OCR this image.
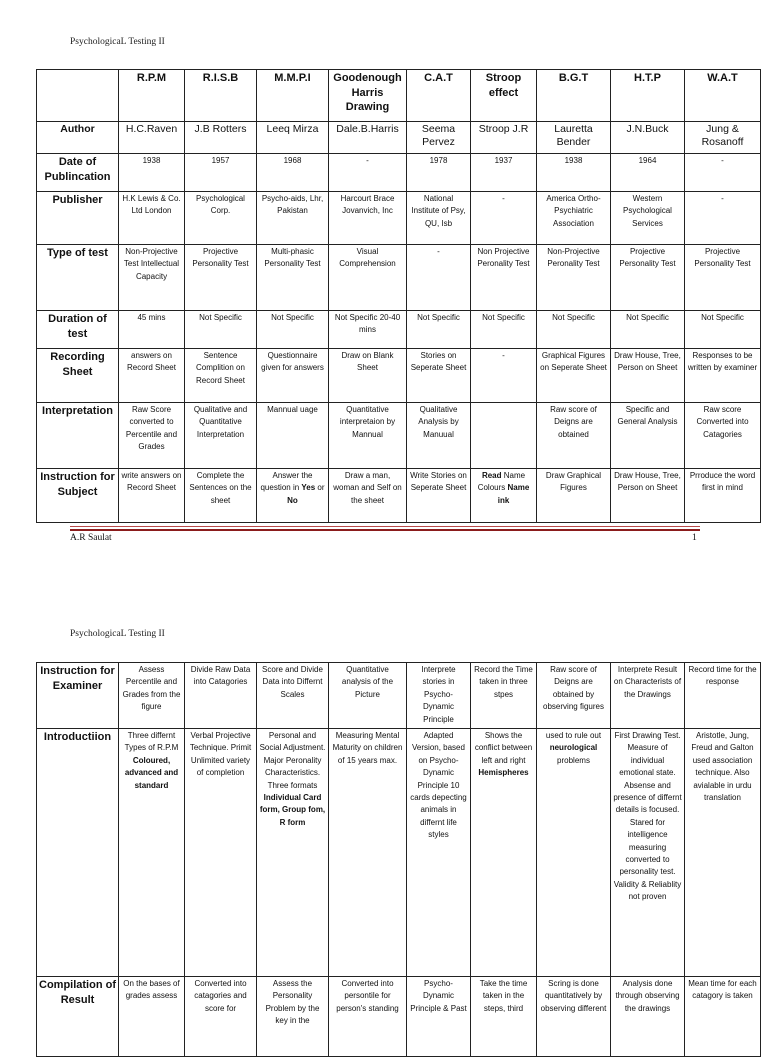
PsychologicaL Testing II
	R.P.M	R.I.S.B	M.M.P.I	Goodenough Harris Drawing	C.A.T	Stroop effect	B.G.T	H.T.P	W.A.T
Author	H.C.Raven	J.B Rotters	Leeq Mirza	Dale.B.Harris	Seema Pervez	Stroop J.R	Lauretta Bender	J.N.Buck	Jung & Rosanoff
Date of Publincation	1938	1957	1968	-	1978	1937	1938	1964	-
Publisher	H.K Lewis & Co. Ltd London	Psychological Corp.	Psycho-aids, Lhr, Pakistan	Harcourt Brace Jovanvich, Inc	National Institute of Psy, QU, Isb	-	America Ortho-Psychiatric Association	Western Psychological Services	-
Type of test	Non-Projective Test Intellectual Capacity	Projective Personality Test	Multi-phasic Personality Test	Visual Comprehension	-	Non Projective Peronality Test	Non-Projective Peronality Test	Projective Personality Test	Projective Personality Test
Duration of test	45 mins	Not Specific	Not Specific	Not Specific 20-40 mins	Not Specific	Not Specific	Not Specific	Not Specific	Not Specific
Recording Sheet	answers on Record Sheet	Sentence Complition on Record Sheet	Questionnaire given for answers	Draw on Blank Sheet	Stories on Seperate Sheet	-	Graphical Figures on Seperate Sheet	Draw House, Tree, Person on Sheet	Responses to be written by examiner
Interpretation	Raw Score converted to Percentile and Grades	Qualitative and Quantitative Interpretation	Mannual uage	Quantitative interpretaion by Mannual	Qualitative Analysis by Manuual		Raw score of Deigns are obtained	Specific and General Analysis	Raw score Converted into Catagories
Instruction for Subject	write answers on Record Sheet	Complete the Sentences on the sheet	Answer the question in Yes or No	Draw a man, woman and Self on the sheet	Write Stories on Seperate Sheet	Read Name Colours Name ink	Draw Graphical Figures	Draw House, Tree, Person on Sheet	Prroduce the word first in mind
A.R Saulat	1
PsychologicaL Testing II
Instruction for Examiner	Assess Percentile and Grades from the figure	Divide Raw Data into Catagories	Score and Divide Data into Differnt Scales	Quantitative analysis of the Picture	Interprete stories in Psycho-Dynamic Principle	Record the Time taken in three stpes	Raw score of Deigns are obtained by observing figures	Interprete Result on Characterists of the Drawings	Record time for the response
Introductiion	Three differnt Types of R.P.M Coloured, advanced and standard	Verbal Projective Technique. Primit Unlimited variety of completion	Personal and Social Adjustment. Major Peronality Characteristics. Three formats Individual Card form, Group fom, R form	Measuring Mental Maturity on children of 15 years max.	Adapted Version, based on Psycho-Dynamic Principle 10 cards depecting animals in differnt life styles	Shows the conflict between left and right Hemispheres	used to rule out neurological problems	First Drawing Test. Measure of individual emotional state. Absense and presence of differnt details is focused. Stared for intelligence measuring converted to personality test. Validity & Reliablity not proven	Aristotle, Jung, Freud and Galton used association technique. Also avialable in urdu translation
Compilation of Result	On the bases of grades assess	Converted into catagories and score for	Assess the Personality Problem by the key in the	Converted into persontile for person's standing	Psycho-Dynamic Principle & Past	Take the time taken in the steps, third	Scring is done quantitatively by observing different	Analysis done through observing the drawings	Mean time for each catagory is taken
